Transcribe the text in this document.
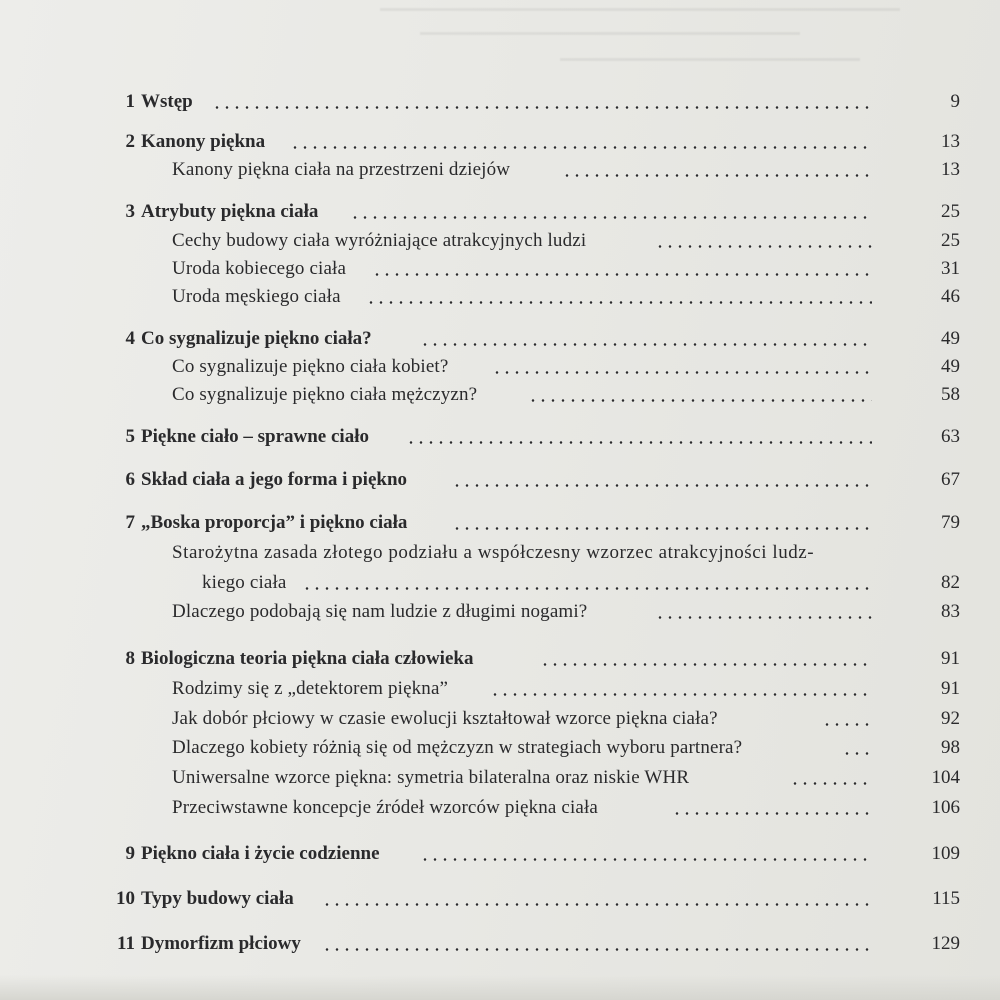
1 Wstęp	9
2 Kanony piękna	13
Kanony piękna ciała na przestrzeni dziejów	13
3 Atrybuty piękna ciała	25
Cechy budowy ciała wyróżniające atrakcyjnych ludzi	25
Uroda kobiecego ciała	31
Uroda męskiego ciała	46
4 Co sygnalizuje piękno ciała?	49
Co sygnalizuje piękno ciała kobiet?	49
Co sygnalizuje piękno ciała mężczyzn?	58
5 Piękne ciało – sprawne ciało	63
6 Skład ciała a jego forma i piękno	67
7 „Boska proporcja” i piękno ciała	79
Starożytna zasada złotego podziału a współczesny wzorzec atrakcyjności ludz-
kiego ciała	82
Dlaczego podobają się nam ludzie z długimi nogami?	83
8 Biologiczna teoria piękna ciała człowieka	91
Rodzimy się z „detektorem piękna”	91
Jak dobór płciowy w czasie ewolucji kształtował wzorce piękna ciała?	92
Dlaczego kobiety różnią się od mężczyzn w strategiach wyboru partnera?	98
Uniwersalne wzorce piękna: symetria bilateralna oraz niskie WHR	104
Przeciwstawne koncepcje źródeł wzorców piękna ciała	106
9 Piękno ciała i życie codzienne	109
10 Typy budowy ciała	115
11 Dymorfizm płciowy	129
